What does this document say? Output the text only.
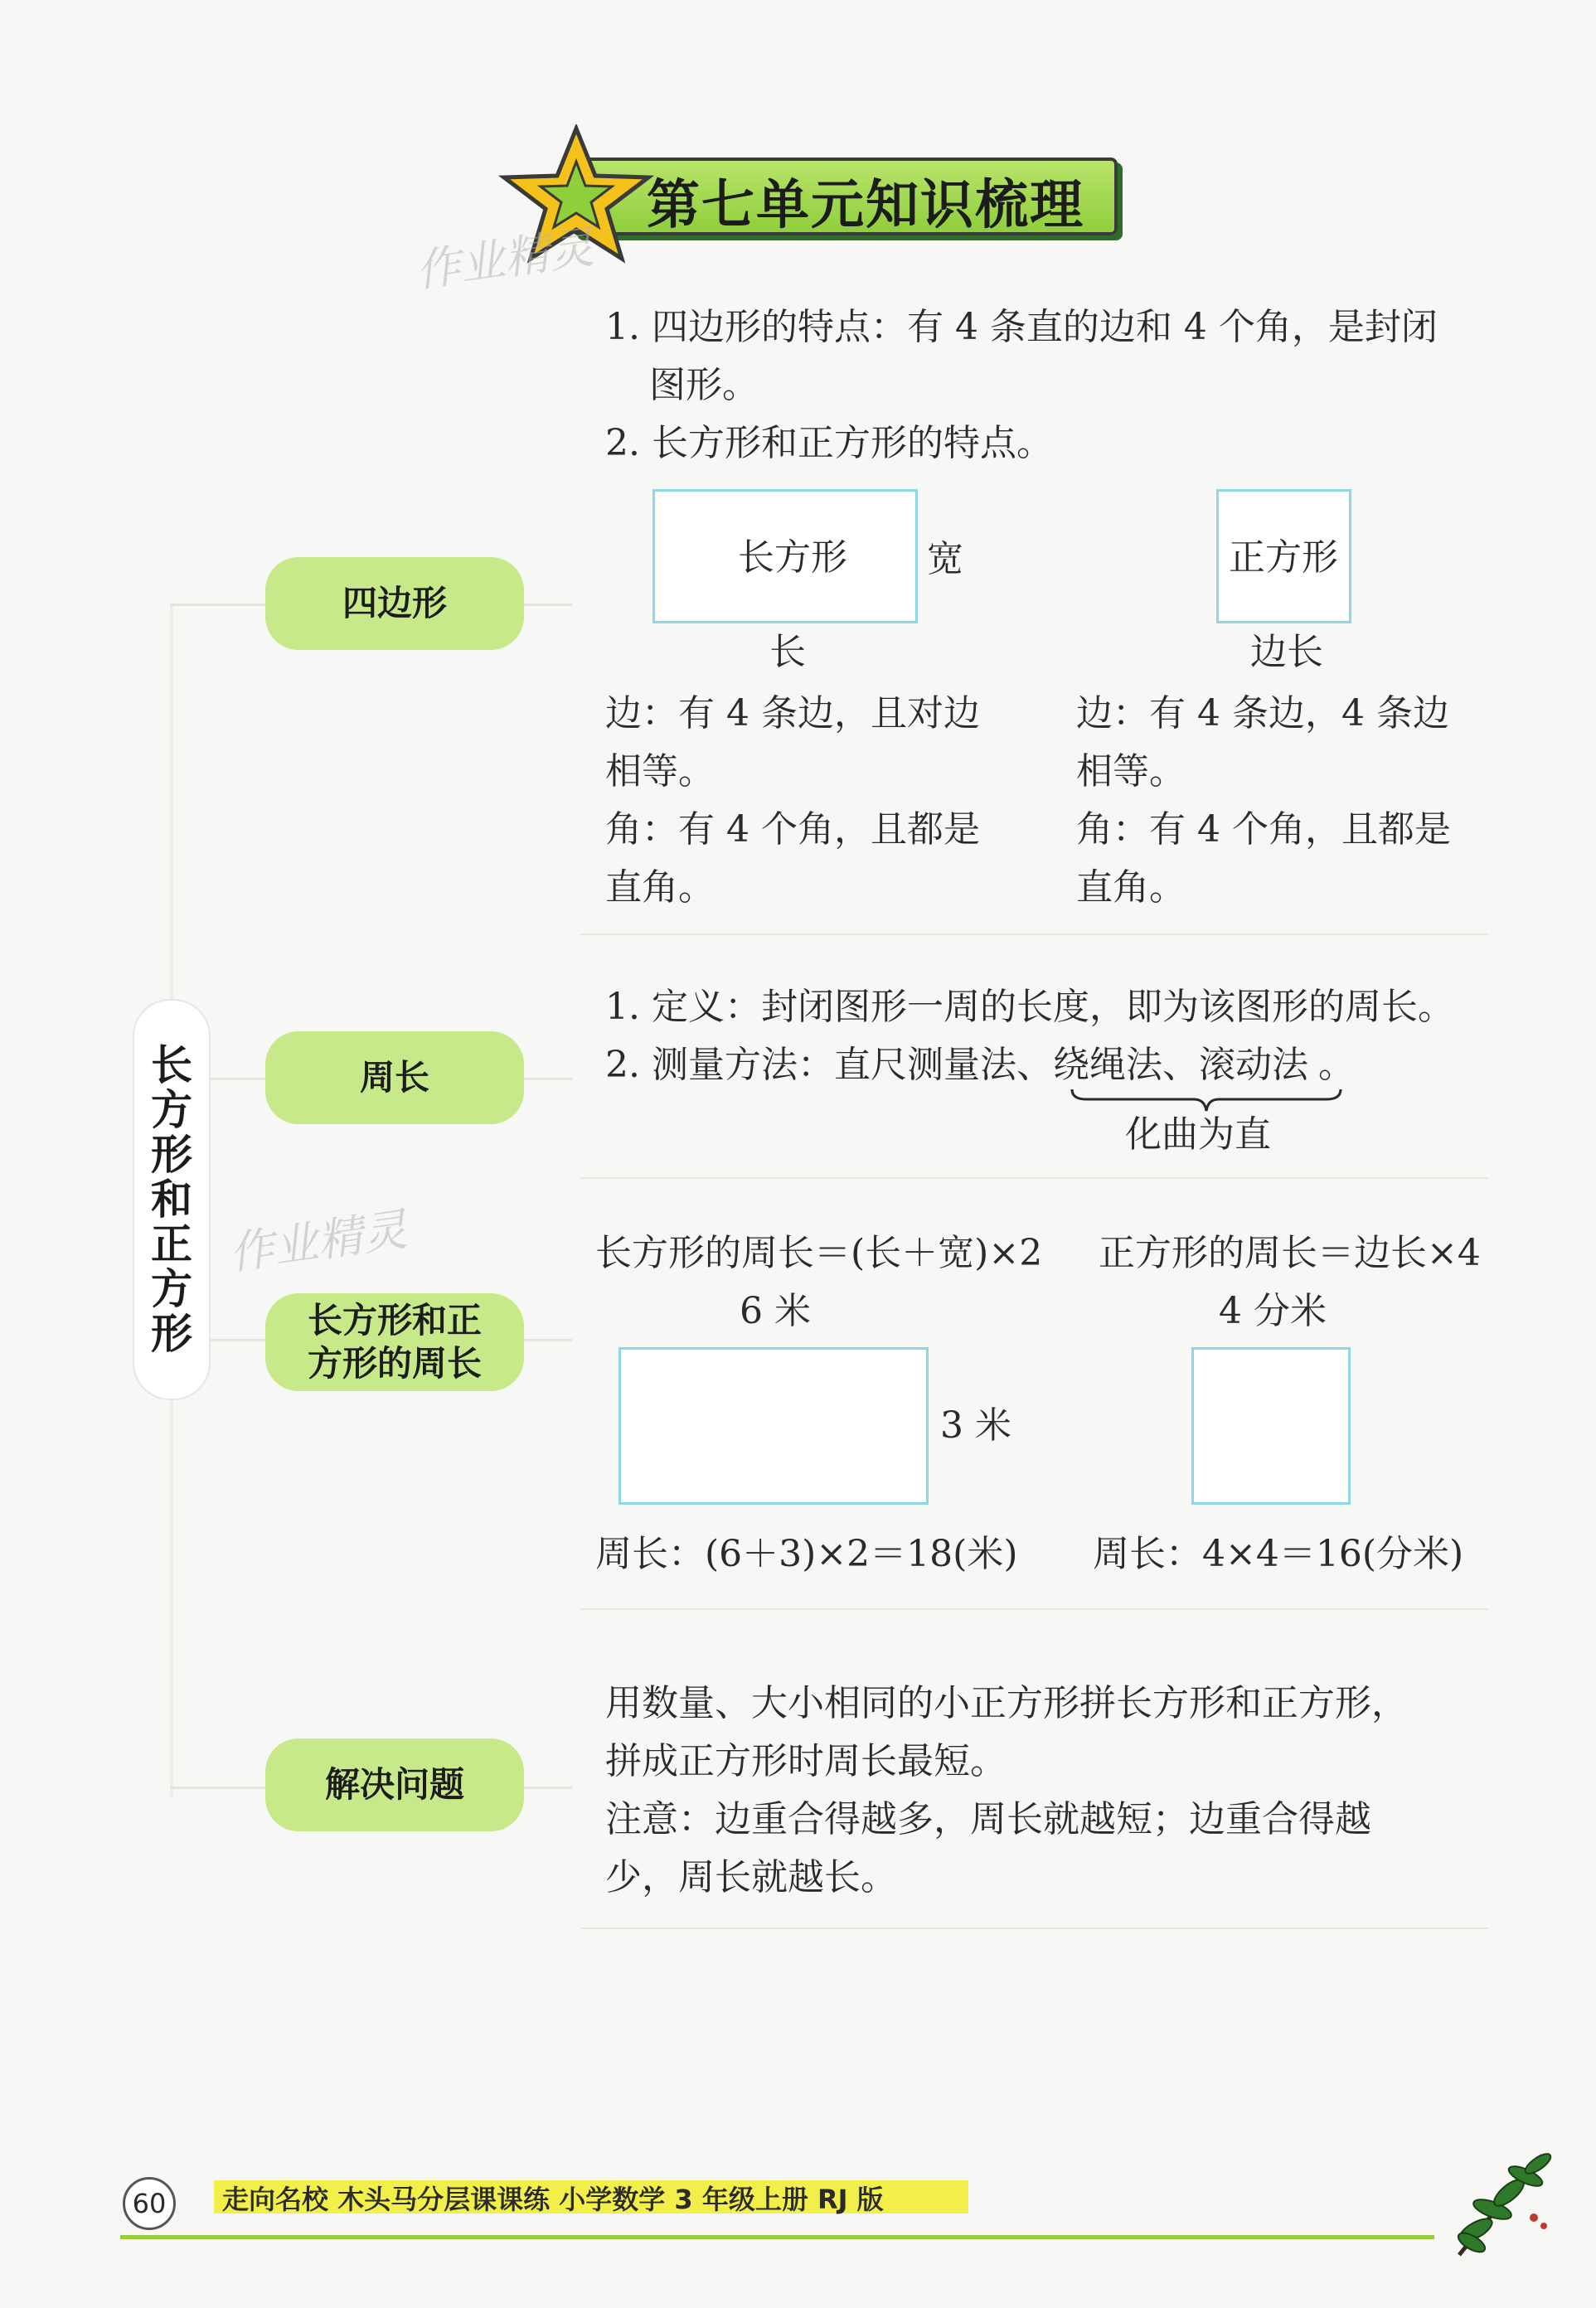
第七单元知识梳理
作业精灵
作业精灵
长
方
形
和
正
方
形
四边形
周长
长方形和正
方形的周长
解决问题
1. 四边形的特点：有 4 条直的边和 4 个角，是封闭
图形。
2. 长方形和正方形的特点。
长方形 宽
长
正方形
边长
边：有 4 条边，且对边
相等。
角：有 4 个角，且都是
直角。
边：有 4 条边，4 条边
相等。
角：有 4 个角，且都是
直角。
1. 定义：封闭图形一周的长度，即为该图形的周长。
2. 测量方法：直尺测量法、绕绳法、滚动法 。
化曲为直
长方形的周长＝(长＋宽)×2 正方形的周长＝边长×4
6 米	4 分米
3 米
周长：(6＋3)×2＝18(米) 周长：4×4＝16(分米)
用数量、大小相同的小正方形拼长方形和正方形，
拼成正方形时周长最短。
注意：边重合得越多，周长就越短；边重合得越
少，周长就越长。
60	走向名校 木头马分层课课练 小学数学 3 年级上册 RJ 版
